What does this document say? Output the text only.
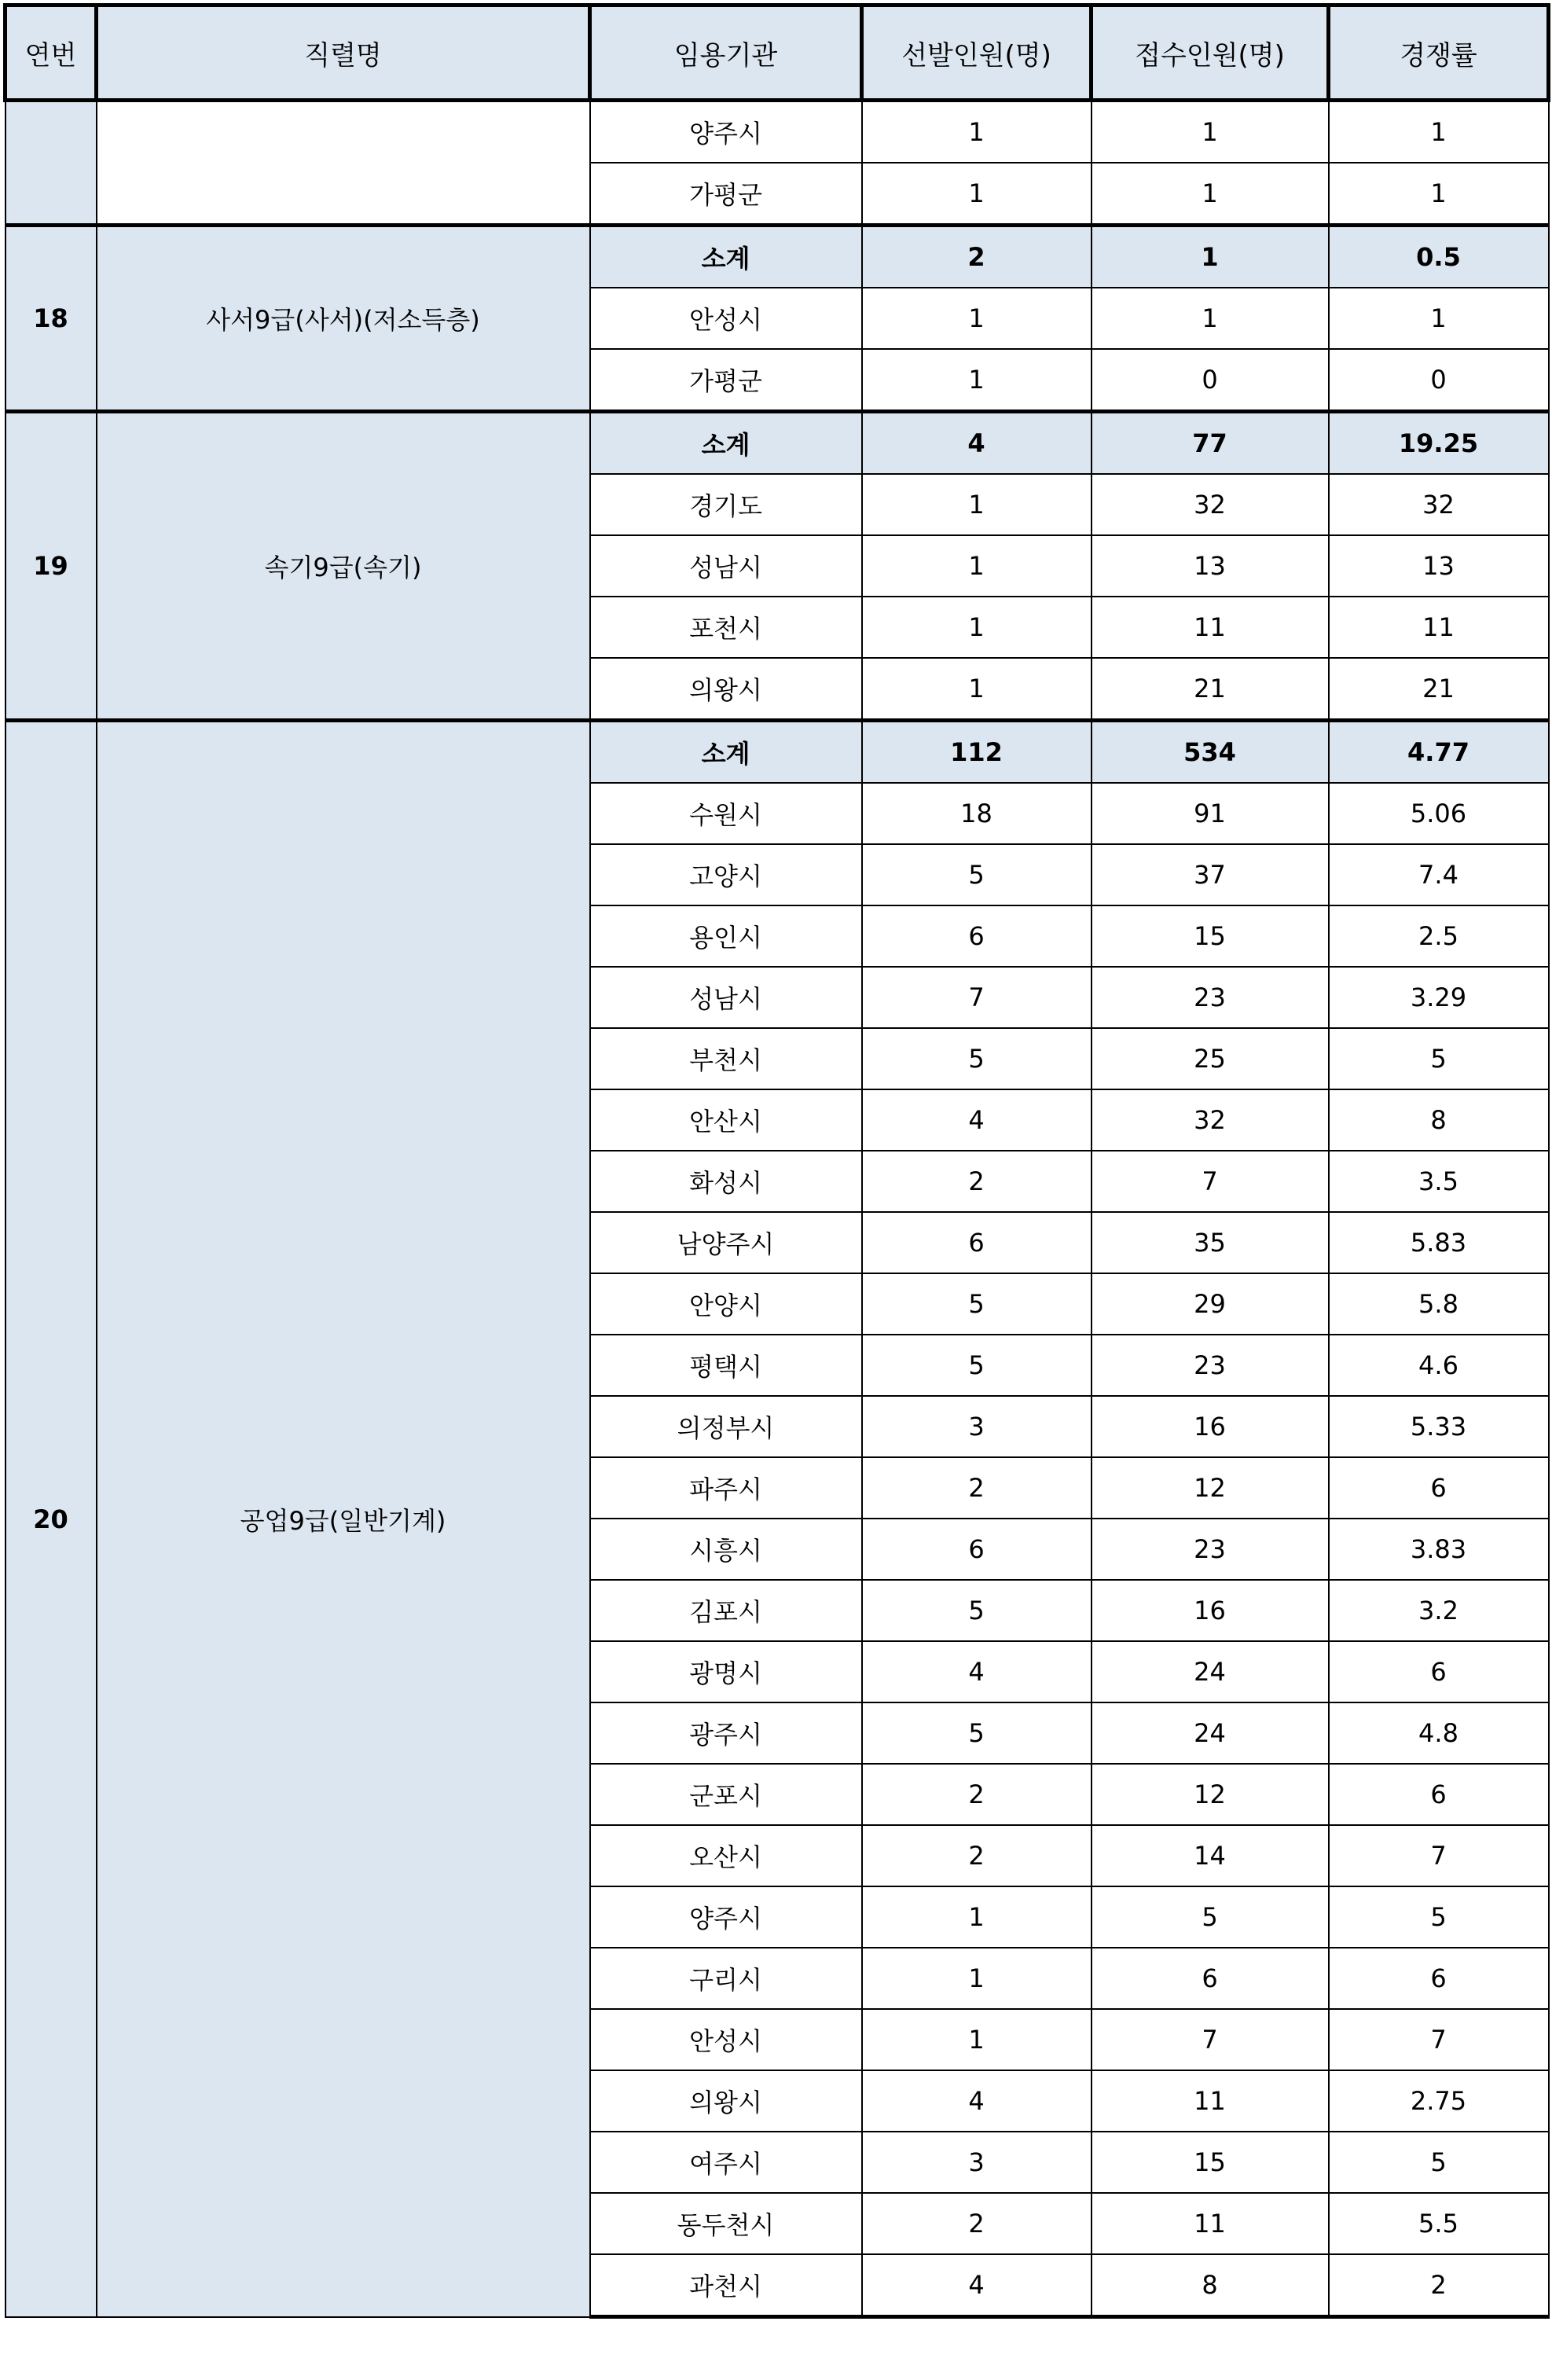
연번	직렬명	임용기관	선발인원(명)	접수인원(명)	경쟁률
		양주시	1	1	1
		가평군	1	1	1
18	사서9급(사서)(저소득층)	소계	2	1	0.5
		안성시	1	1	1
		가평군	1	0	0
19	속기9급(속기)	소계	4	77	19.25
		경기도	1	32	32
		성남시	1	13	13
		포천시	1	11	11
		의왕시	1	21	21
20	공업9급(일반기계)	소계	112	534	4.77
		수원시	18	91	5.06
		고양시	5	37	7.4
		용인시	6	15	2.5
		성남시	7	23	3.29
		부천시	5	25	5
		안산시	4	32	8
		화성시	2	7	3.5
		남양주시	6	35	5.83
		안양시	5	29	5.8
		평택시	5	23	4.6
		의정부시	3	16	5.33
		파주시	2	12	6
		시흥시	6	23	3.83
		김포시	5	16	3.2
		광명시	4	24	6
		광주시	5	24	4.8
		군포시	2	12	6
		오산시	2	14	7
		양주시	1	5	5
		구리시	1	6	6
		안성시	1	7	7
		의왕시	4	11	2.75
		여주시	3	15	5
		동두천시	2	11	5.5
		과천시	4	8	2
